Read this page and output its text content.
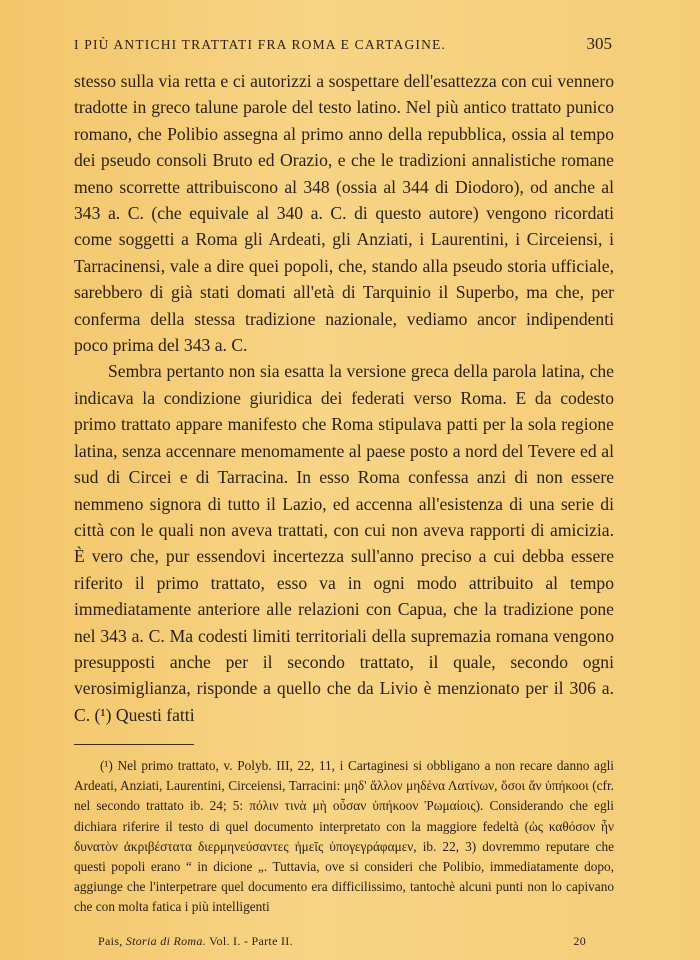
I PIÙ ANTICHI TRATTATI FRA ROMA E CARTAGINE.	305

stesso sulla via retta e ci autorizzi a sospettare dell'esattezza con cui vennero tradotte in greco talune parole del testo latino. Nel più antico trattato punico romano, che Polibio assegna al primo anno della repubblica, ossia al tempo dei pseudo consoli Bruto ed Orazio, e che le tradizioni annalistiche romane meno scorrette attribuiscono al 348 (ossia al 344 di Diodoro), od anche al 343 a. C. (che equivale al 340 a. C. di questo autore) vengono ricordati come soggetti a Roma gli Ardeati, gli Anziati, i Laurentini, i Circeiensi, i Tarracinensi, vale a dire quei popoli, che, stando alla pseudo storia ufficiale, sarebbero di già stati domati all'età di Tarquinio il Superbo, ma che, per conferma della stessa tradizione nazionale, vediamo ancor indipendenti poco prima del 343 a. C.

Sembra pertanto non sia esatta la versione greca della parola latina, che indicava la condizione giuridica dei federati verso Roma. E da codesto primo trattato appare manifesto che Roma stipulava patti per la sola regione latina, senza accennare menomamente al paese posto a nord del Tevere ed al sud di Circei e di Tarracina. In esso Roma confessa anzi di non essere nemmeno signora di tutto il Lazio, ed accenna all'esistenza di una serie di città con le quali non aveva trattati, con cui non aveva rapporti di amicizia. È vero che, pur essendovi incertezza sull'anno preciso a cui debba essere riferito il primo trattato, esso va in ogni modo attribuito al tempo immediatamente anteriore alle relazioni con Capua, che la tradizione pone nel 343 a. C. Ma codesti limiti territoriali della supremazia romana vengono presupposti anche per il secondo trattato, il quale, secondo ogni verosimiglianza, risponde a quello che da Livio è menzionato per il 306 a. C. (¹) Questi fatti

(¹) Nel primo trattato, v. Polyb. III, 22, 11, i Cartaginesi si obbligano a non recare danno agli Ardeati, Anziati, Laurentini, Circeiensi, Tarracini: μηδ' ἄλλον μηδένα Λατίνων, ὅσοι ἄν ὑπήκοοι (cfr. nel secondo trattato ib. 24; 5: πόλιν τινὰ μὴ οὖσαν ὑπήκοον Ῥωμαίοις). Considerando che egli dichiara riferire il testo di quel documento interpretato con la maggiore fedeltà (ὡς καθόσον ἦν δυνατὸν ἀκριβέστατα διερμηνεύσαντες ἡμεῖς ὑπογεγράφαμεν, ib. 22, 3) dovremmo reputare che questi popoli erano “ in dicione „. Tuttavia, ove si consideri che Polibio, immediatamente dopo, aggiunge che l'interpetrare quel documento era difficilissimo, tantochè alcuni punti non lo capivano che con molta fatica i più intelligenti

Pais, Storia di Roma. Vol. I. - Parte II.	20
